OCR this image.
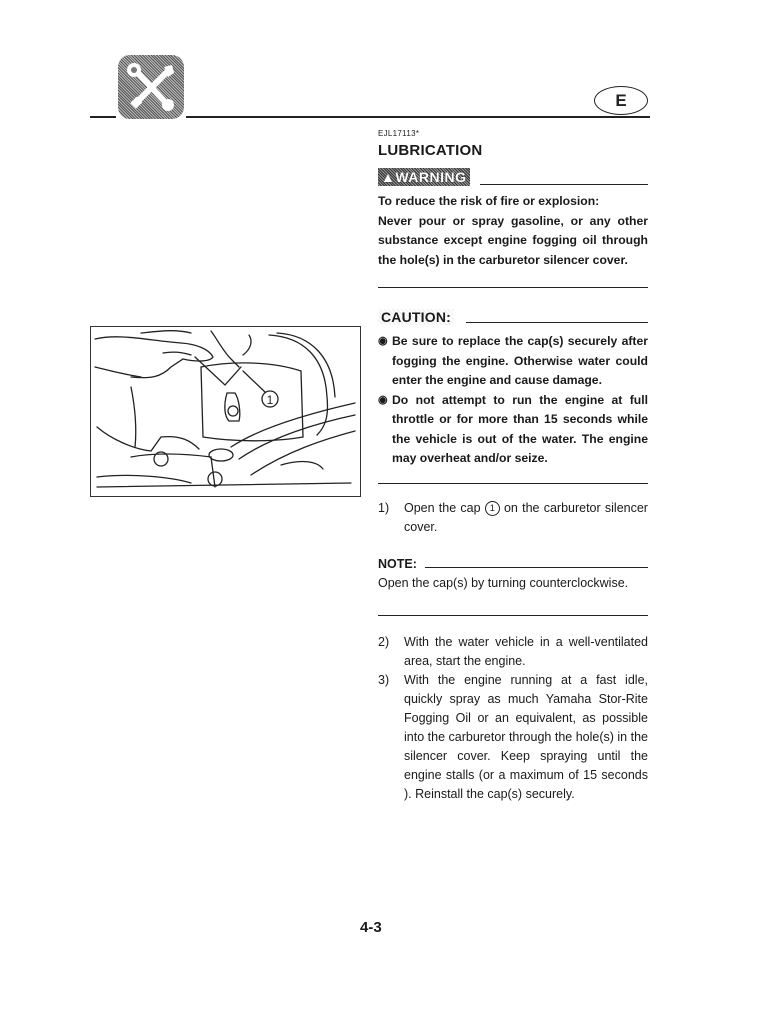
E
EJL17113*
LUBRICATION
▲WARNING
To reduce the risk of fire or explosion:
Never pour or spray gasoline, or any other substance except engine fogging oil through the hole(s) in the carburetor silencer cover.
CAUTION:
◉ Be sure to replace the cap(s) securely after fogging the engine. Otherwise water could enter the engine and cause damage.
◉ Do not attempt to run the engine at full throttle or for more than 15 seconds while the vehicle is out of the water. The engine may overheat and/or seize.
1)	Open the cap 1 on the carburetor silencer cover.
NOTE:
Open the cap(s) by turning counterclockwise.
2)	With the water vehicle in a well-ventilated area, start the engine.
3)	With the engine running at a fast idle, quickly spray as much Yamaha Stor-Rite Fogging Oil or an equivalent, as possible into the carburetor through the hole(s) in the silencer cover. Keep spraying until the engine stalls (or a maximum of 15 seconds ). Reinstall the cap(s) securely.
1
4-3
